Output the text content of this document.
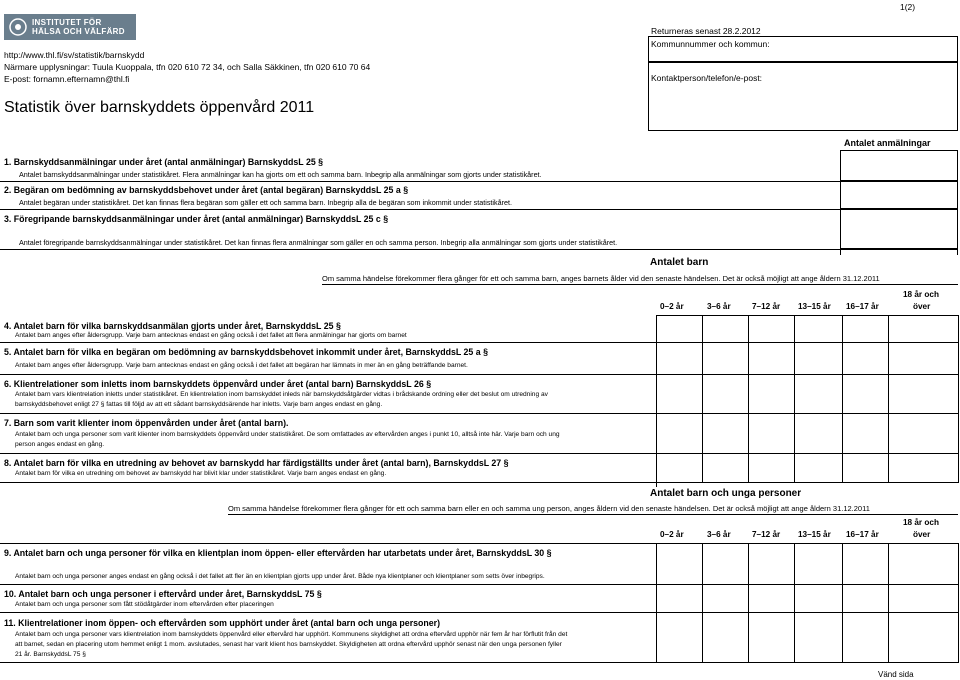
1(2)
INSTITUTET FÖR
HÄLSA OCH VÄLFÄRD
http://www.thl.fi/sv/statistik/barnskydd
Närmare upplysningar: Tuula Kuoppala, tfn 020 610 72 34, och Salla Säkkinen, tfn 020 610 70 64
E-post: fornamn.efternamn@thl.fi
Statistik över barnskyddets öppenvård 2011
Returneras senast 28.2.2012
Kommunnummer och kommun:
Kontaktperson/telefon/e-post:
Antalet anmälningar
1. Barnskyddsanmälningar under året (antal anmälningar) BarnskyddsL 25 §
Antalet barnskyddsanmälningar under statistikåret. Flera anmälningar kan ha gjorts om ett och samma barn. Inbegrip alla anmälningar som gjorts under statistikåret.
2. Begäran om bedömning av barnskyddsbehovet under året (antal begäran) BarnskyddsL 25 a §
Antalet begäran under statistikåret. Det kan finnas flera begäran som gäller ett och samma barn. Inbegrip alla de begäran som inkommit under statistikåret.
3. Föregripande barnskyddsanmälningar under året (antal anmälningar) BarnskyddsL 25 c §
Antalet föregripande barnskyddsanmälningar under statistikåret. Det kan finnas flera anmälningar som gäller en och samma person. Inbegrip alla anmälningar som gjorts under statistikåret.
Antalet barn
Om samma händelse förekommer flera gånger för ett och samma barn, anges barnets ålder vid den senaste händelsen. Det är också möjligt att ange åldern 31.12.2011
0–2 år	3–6 år	7–12 år 13–15 år 16–17 år
18 år och
över
4. Antalet barn för vilka barnskyddsanmälan gjorts under året, BarnskyddsL 25 §
Antalet barn anges efter åldersgrupp. Varje barn antecknas endast en gång också i det fallet att flera anmälningar har gjorts om barnet
5. Antalet barn för vilka en begäran om bedömning av barnskyddsbehovet inkommit under året, BarnskyddsL 25 a §
Antalet barn anges efter åldersgrupp. Varje barn antecknas endast en gång också i det fallet att begäran har lämnats in mer än en gång beträffande barnet.
6. Klientrelationer som inletts inom barnskyddets öppenvård under året (antal barn) BarnskyddsL 26 §
Antalet barn vars klientrelation inletts under statistikåret. En klientrelation inom barnskyddet inleds när barnskyddsåtgärder vidtas i brådskande ordning eller det beslut om utredning av
barnskyddsbehovet enligt 27 § fattas till följd av att ett sådant barnskyddsärende har inletts. Varje barn anges endast en gång.
7. Barn som varit klienter inom öppenvården under året (antal barn).
Antalet barn och unga personer som varit klienter inom barnskyddets öppenvård under statistikåret. De som omfattades av eftervården anges i punkt 10, alltså inte här. Varje barn och ung
person anges endast en gång.
8. Antalet barn för vilka en utredning av behovet av barnskydd har färdigställts under året (antal barn), BarnskyddsL 27 §
Antalet barn för vilka en utredning om behovet av barnskydd har blivit klar under statistikåret. Varje barn anges endast en gång.
Antalet barn och unga personer
Om samma händelse förekommer flera gånger för ett och samma barn eller en och samma ung person, anges åldern vid den senaste händelsen. Det är också möjligt att ange åldern 31.12.2011
0–2 år	3–6 år	7–12 år 13–15 år 16–17 år
18 år och
över
9. Antalet barn och unga personer för vilka en klientplan inom öppen- eller eftervården har utarbetats under året, BarnskyddsL 30 §
Antalet barn och unga personer anges endast en gång också i det fallet att fler än en klientplan gjorts upp under året. Både nya klientplaner och klientplaner som setts över inbegrips.
10. Antalet barn och unga personer i eftervård under året, BarnskyddsL 75 §
Antalet barn och unga personer som fått stödåtgärder inom eftervården efter placeringen
11. Klientrelationer inom öppen- och eftervården som upphört under året (antal barn och unga personer)
Antalet barn och unga personer vars klientrelation inom barnskyddets öppenvård eller eftervård har upphört. Kommunens skyldighet att ordna eftervård upphör när fem år har förflutit från det
att barnet, sedan en placering utom hemmet enligt 1 mom. avslutades, senast har varit klient hos barnskyddet. Skyldigheten att ordna eftervård upphör senast när den unga personen fyller
21 år. BarnskyddsL 75 §
Vänd sida
